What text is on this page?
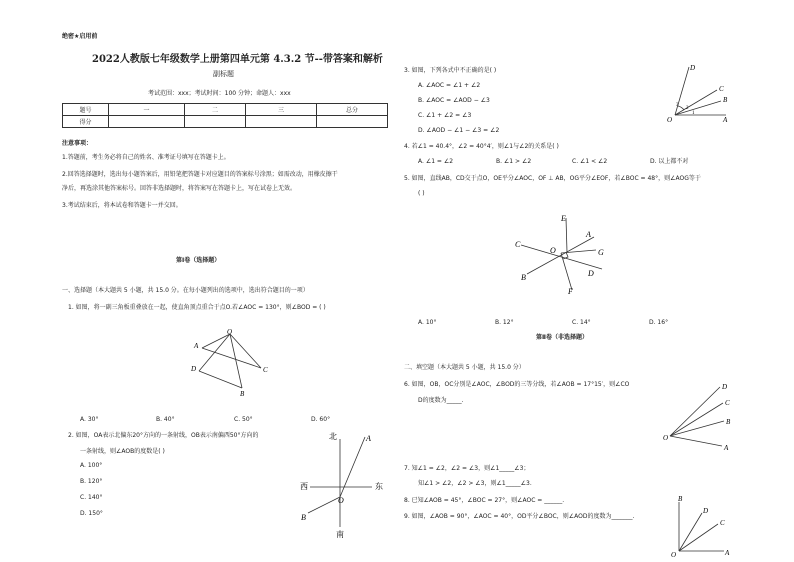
绝密★启用前
2022人教版七年级数学上册第四单元第 4.3.2 节--带答案和解析
副标题
考试范围：xxx；考试时间：100 分钟；命题人：xxx
题号	一	二	三	总分
得分				
注意事项：
1.答题前，考生务必将自己的姓名、准考证号填写在答题卡上。
2.回答选择题时，选出每小题答案后，用铅笔把答题卡对应题目的答案标号涂黑；如需改动，用橡皮擦干
净后，再选涂其他答案标号。回答非选择题时，将答案写在答题卡上，写在试卷上无效。
3.考试结束后，将本试卷和答题卡一并交回。
第Ⅰ卷（选择题）
一、选择题（本大题共 5 小题，共 15.0 分。在每小题列出的选项中，选出符合题目的一项）
1. 如图，将一副三角板重叠放在一起，使直角顶点重合于点O.若∠AOC = 130°，则∠BOD = ( )
O
A
D
B
C
A. 30°	B. 40°	C. 50°	D. 60°
2. 如图，OA表示北偏东20°方向的一条射线，OB表示南偏西50°方向的
一条射线，则∠AOB的度数是( )
A. 100°
B. 120°
C. 140°
D. 150°
北
南
西	东
A
B
O
3. 如图，下列各式中不正确的是( )
A. ∠AOC = ∠1 + ∠2
B. ∠AOC = ∠AOD − ∠3
C. ∠1 + ∠2 = ∠3
D. ∠AOD − ∠1 − ∠3 = ∠2
D
C
B
A
O
3
2
1
4. 若∠1 = 40.4°，∠2 = 40°4′，则∠1与∠2的关系是( )
A. ∠1 = ∠2	B. ∠1 > ∠2	C. ∠1 < ∠2	D. 以上都不对
5. 如图，直线AB，CD交于点O，OE平分∠AOC，OF ⊥ AB，OG平分∠EOF，若∠BOC = 48°，则∠AOG等于
( )
E
A
C
O	G
B	D
F
A. 10°	B. 12°	C. 14°	D. 16°
第Ⅱ卷（非选择题）
二、填空题（本大题共 5 小题，共 15.0 分）
6. 如图，OB，OC分别是∠AOC，∠BOD的三等分线，若∠AOB = 17°15′，则∠CO
D的度数为_____.
D
C
B
A
O
7. 知∠1 = ∠2，∠2 = ∠3，则∠1_____∠3；
知∠1 > ∠2，∠2 > ∠3，则∠1_____∠3.
8. 已知∠AOB = 45°，∠BOC = 27°，则∠AOC = ______.
9. 如图，∠AOB = 90°，∠AOC = 40°，OD平分∠BOC，则∠AOD的度数为_______.
B
D
C
A
O
